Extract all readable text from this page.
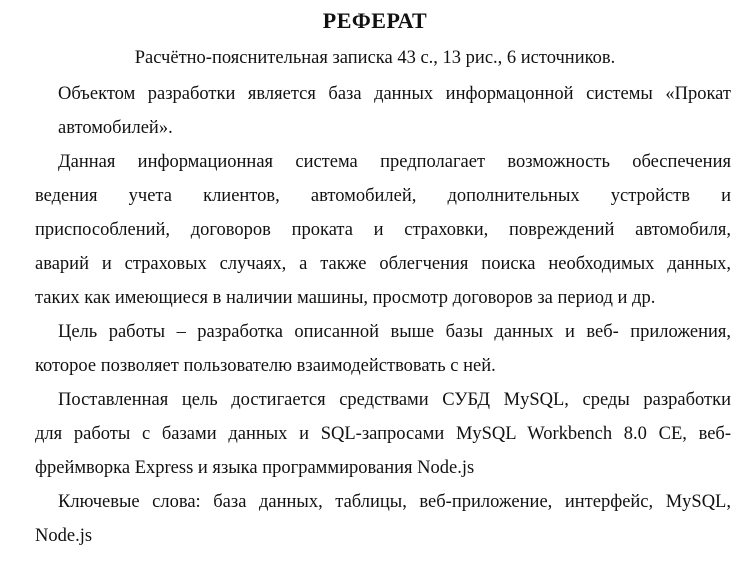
РЕФЕРАТ
Расчётно-пояснительная записка 43 с., 13 рис., 6 источников.
Объектом разработки является база данных информацонной системы «Прокат
автомобилей».
Данная информационная система предполагает возможность обеспечения
ведения учета клиентов, автомобилей, дополнительных устройств и
приспособлений, договоров проката и страховки, повреждений автомобиля,
аварий и страховых случаях, а также облегчения поиска необходимых данных,
таких как имеющиеся в наличии машины, просмотр договоров за период и др.
Цель работы – разработка описанной выше базы данных и веб- приложения,
которое позволяет пользователю взаимодействовать с ней.
Поставленная цель достигается средствами СУБД MySQL, среды разработки
для работы с базами данных и SQL-запросами MySQL Workbench 8.0 CE, веб-
фреймворка Express и языка программирования Node.js
Ключевые слова: база данных, таблицы, веб-приложение, интерфейс, MySQL,
Node.js
